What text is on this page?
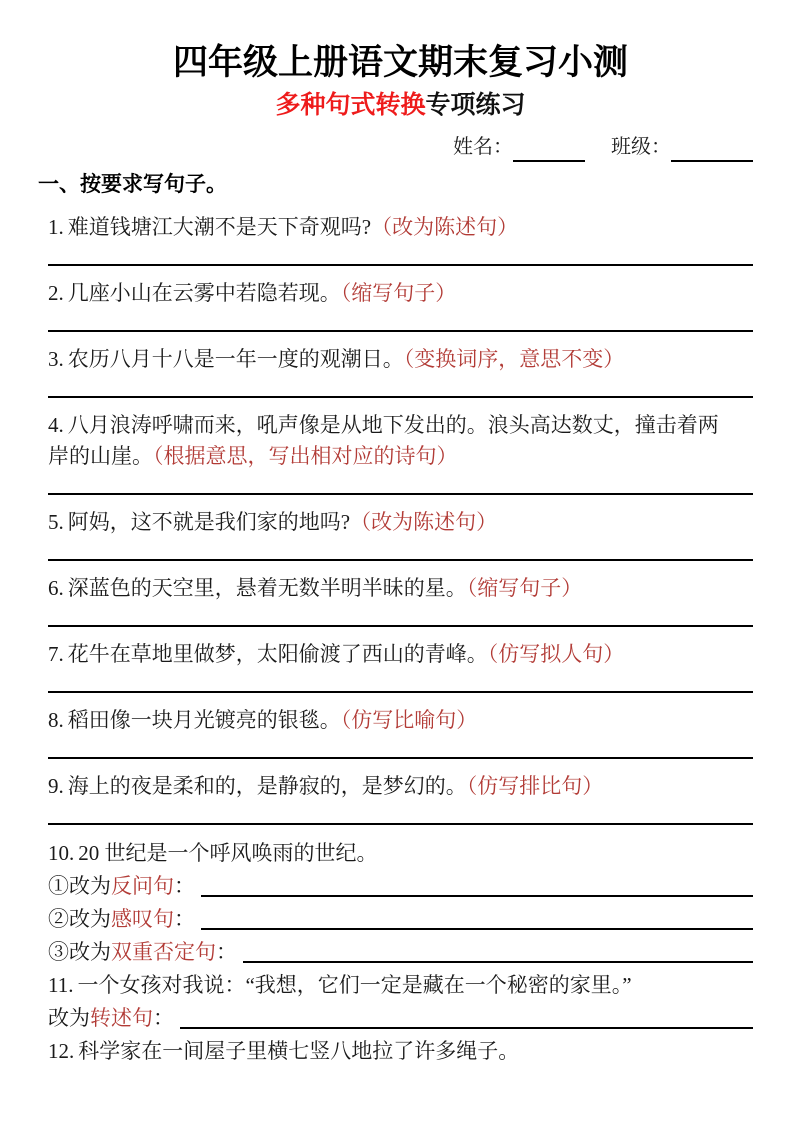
四年级上册语文期末复习小测
多种句式转换专项练习
姓名：	班级：
一、按要求写句子。

1. 难道钱塘江大潮不是天下奇观吗?（改为陈述句）

2. 几座小山在云雾中若隐若现。（缩写句子）

3. 农历八月十八是一年一度的观潮日。（变换词序，意思不变）

4. 八月浪涛呼啸而来，吼声像是从地下发出的。浪头高达数丈，撞击着两岸的山崖。（根据意思，写出相对应的诗句）

5. 阿妈，这不就是我们家的地吗?（改为陈述句）

6. 深蓝色的天空里，悬着无数半明半昧的星。（缩写句子）

7. 花牛在草地里做梦，太阳偷渡了西山的青峰。（仿写拟人句）

8. 稻田像一块月光镀亮的银毯。（仿写比喻句）

9. 海上的夜是柔和的，是静寂的，是梦幻的。（仿写排比句）

10. 20 世纪是一个呼风唤雨的世纪。
①改为 反问句 ：
②改为 感叹句 ：
③改为 双重否定句 ：
11. 一个女孩对我说：“我想，它们一定是藏在一个秘密的家里。”
改为 转述句 ：
12. 科学家在一间屋子里横七竖八地拉了许多绳子。
